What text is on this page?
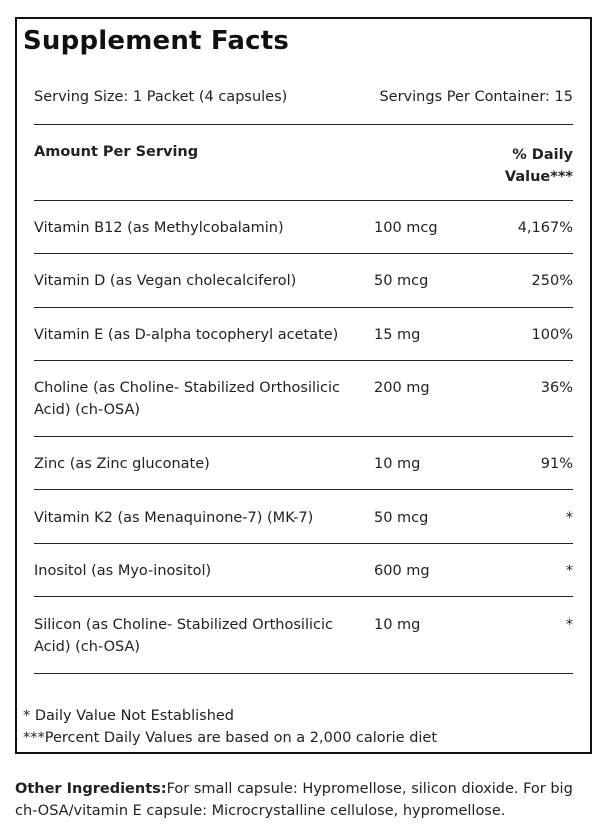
Supplement Facts
Serving Size: 1 Packet (4 capsules)	Servings Per Container: 15
Amount Per Serving	% Daily
Value***
Vitamin B12 (as Methylcobalamin)	100 mcg	4,167%
Vitamin D (as Vegan cholecalciferol)	50 mcg	250%
Vitamin E (as D-alpha tocopheryl acetate)	15 mg	100%
Choline (as Choline- Stabilized Orthosilicic
Acid) (ch-OSA)
200 mg	36%
Zinc (as Zinc gluconate)	10 mg	91%
Vitamin K2 (as Menaquinone-7) (MK-7)	50 mcg	*
Inositol (as Myo-inositol)	600 mg	*
Silicon (as Choline- Stabilized Orthosilicic
Acid) (ch-OSA)
10 mg	*
* Daily Value Not Established
***Percent Daily Values are based on a 2,000 calorie diet
Other Ingredients:For small capsule: Hypromellose, silicon dioxide. For big ch-OSA/vitamin E capsule: Microcrystalline cellulose, hypromellose.
